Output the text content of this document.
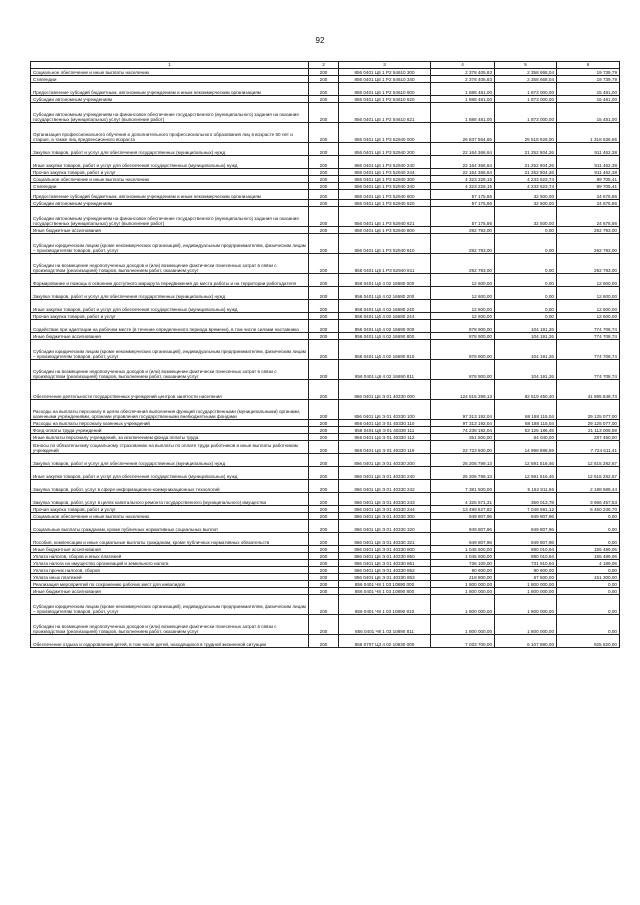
92
1	2	3	4	5	6
Социальное обеспечение и иные выплаты населению	200	856 0401 Ц6 1 Р2 54610 300	2 378 405,83	2 358 668,04	19 739,79
Стипендии	200	856 0401 Ц6 1 Р2 54610 340	2 378 405,83	2 358 668,04	19 739,79
Предоставление субсидий бюджетным, автономным учреждениям и иным некоммерческим организациям	200	856 0401 Ц6 1 Р2 54610 600	1 888 481,00	1 873 000,00	15 481,00
Субсидии автономным учреждениям	200	856 0401 Ц6 1 Р2 54610 620	1 888 481,00	1 873 000,00	15 481,00
Субсидии автономным учреждениям на финансовое обеспечение государственного (муниципального) задания на оказание государственных (муниципальных) услуг (выполнение работ)	200	856 0401 Ц6 1 Р2 54610 621	1 888 481,00	1 873 000,00	15 481,00
Организация профессионального обучения и дополнительного профессионального образования лиц в возрасте 50 лет и старше, а также лиц предпенсионного возраста	200	856 0401 Ц6 1 Р3 52940 000	26 837 564,65	25 518 928,00	1 318 636,65
Закупка товаров, работ и услуг для обеспечения государственных (муниципальных) нужд	200	856 0401 Ц6 1 Р3 52940 200	22 164 366,64	21 252 904,26	911 462,38
Иные закупки товаров, работ и услуг для обеспечения государственных (муниципальных) нужд	200	856 0401 Ц6 1 Р3 52940 240	22 164 366,64	21 252 904,26	911 462,38
Прочая закупка товаров, работ и услуг	200	856 0401 Ц6 1 Р3 52940 244	22 164 366,64	21 252 904,26	911 462,38
Социальное обеспечение и иные выплаты населению	200	856 0401 Ц6 1 Р3 52940 300	4 323 229,15	4 233 523,74	89 705,41
Стипендии	200	856 0401 Ц6 1 Р3 52940 340	4 323 229,15	4 233 523,74	89 705,41
Предоставление субсидий бюджетным, автономным учреждениям и иным некоммерческим организациям	200	856 0401 Ц6 1 Р3 52940 600	57 175,86	32 500,00	24 675,86
Субсидии автономным учреждениям	200	856 0401 Ц6 1 Р3 52940 620	57 175,86	32 500,00	24 675,86
Субсидии автономным учреждениям на финансовое обеспечение государственного (муниципального) задания на оказание государственных (муниципальных) услуг (выполнение работ)	200	856 0401 Ц6 1 Р3 52940 621	57 175,86	32 500,00	24 675,86
Иные бюджетные ассигнования	200	856 0401 Ц6 1 Р3 52940 800	292 793,00	0,00	292 793,00
Субсидии юридическим лицам (кроме некоммерческих организаций), индивидуальным предпринимателям, физическим лицам – производителям товаров, работ, услуг	200	856 0401 Ц6 1 Р3 52940 810	292 793,00	0,00	292 793,00
Субсидии на возмещение недополученных доходов и (или) возмещение фактически понесенных затрат в связи с производством (реализацией) товаров, выполнением работ, оказанием услуг	200	856 0401 Ц6 1 Р3 52940 811	292 793,00	0,00	292 793,00
Формирование и помощь в освоении доступного маршрута передвижения до места работы и на территории работодателя	200	856 0401 Ц6 4 02 16680 000	12 600,00	0,00	12 600,00
Закупка товаров, работ и услуг для обеспечения государственных (муниципальных) нужд	200	856 0401 Ц6 4 02 16680 200	12 600,00	0,00	12 600,00
Иные закупки товаров, работ и услуг для обеспечения государственных (муниципальных) нужд	200	856 0401 Ц6 4 02 16680 240	12 600,00	0,00	12 600,00
Прочая закупка товаров, работ и услуг	200	856 0401 Ц6 4 02 16680 244	12 600,00	0,00	12 600,00
Содействие при адаптации на рабочем месте (в течение определенного периода времени), в том числе силами наставника	200	856 0401 Ц6 4 02 16690 000	878 900,00	104 191,26	774 708,74
Иные бюджетные ассигнования	200	856 0401 Ц6 4 02 16690 800	878 900,00	104 191,26	774 708,74
Субсидии юридическим лицам (кроме некоммерческих организаций), индивидуальным предпринимателям, физическим лицам – производителям товаров, работ, услуг	200	856 0401 Ц6 4 02 16690 810	878 900,00	104 191,26	774 708,74
Субсидии на возмещение недополученных доходов и (или) возмещение фактически понесенных затрат в связи с производством (реализацией) товаров, выполнением работ, оказанием услуг	200	856 0401 Ц6 4 02 16690 811	878 900,00	104 191,26	774 708,74
Обеспечение деятельности государственных учреждений центров занятости населения	200	856 0401 Ц6 Э 01 40330 000	124 515 299,13	82 619 450,40	41 895 848,73
Расходы на выплаты персоналу в целях обеспечения выполнения функций государственными (муниципальными) органами, казенными учреждениями, органами управления государственными внебюджетными фондами	200	856 0401 Ц6 Э 01 40330 100	97 313 192,04	68 188 115,04	29 125 077,00
Расходы на выплаты персоналу казенных учреждений	200	856 0401 Ц6 Э 01 40330 110	97 313 192,04	68 188 115,04	29 125 077,00
Фонд оплаты труда учреждений	200	856 0401 Ц6 Э 01 40330 111	74 238 192,04	53 125 186,45	21 113 005,59
Иные выплаты персоналу учреждений, за исключением фонда оплаты труда	200	856 0401 Ц6 Э 01 40330 112	351 500,00	64 040,00	287 460,00
Взносы по обязательному социальному страхованию на выплаты по оплате труда работников и иные выплаты работникам учреждений	200	856 0401 Ц6 Э 01 40330 119	22 723 500,00	14 998 888,59	7 724 611,41
Закупка товаров, работ и услуг для обеспечения государственных (муниципальных) нужд	200	856 0401 Ц6 Э 01 40330 200	25 206 799,13	12 591 516,46	12 615 282,67
Иные закупки товаров, работ и услуг для обеспечения государственных (муниципальных) нужд	200	856 0401 Ц6 Э 01 40330 240	25 206 799,13	12 591 516,46	12 615 282,67
Закупка товаров, работ, услуг в сфере информационно-коммуникационных технологий	200	856 0401 Ц6 Э 01 40330 242	7 381 500,00	5 162 911,56	2 198 588,44
Закупка товаров, работ, услуг в целях капитального ремонта государственного (муниципального) имущества	200	856 0401 Ц6 Э 01 40330 243	4 325 671,31	359 013,78	3 966 457,53
Прочая закупка товаров, работ и услуг	200	856 0401 Ц6 Э 01 40330 244	13 499 627,82	7 049 591,12	6 450 236,70
Социальное обеспечение и иные выплаты населению	200	856 0401 Ц6 Э 01 40330 300	949 807,96	949 807,96	0,00
Социальные выплаты гражданам, кроме публичных нормативных социальных выплат	200	856 0401 Ц6 Э 01 40330 320	949 807,96	949 807,96	0,00
Пособия, компенсации и иные социальные выплаты гражданам, кроме публичных нормативных обязательств	200	856 0401 Ц6 Э 01 40330 321	949 807,96	949 807,96	0,00
Иные бюджетные ассигнования	200	856 0401 Ц6 Э 01 40330 800	1 045 500,00	890 010,94	155 489,06
Уплата налогов, сборов и иных платежей	200	856 0401 Ц6 Э 01 40330 850	1 045 500,00	890 010,94	155 489,06
Уплата налога на имущество организаций и земельного налога	200	856 0401 Ц6 Э 01 40330 851	736 100,00	731 910,94	4 189,06
Уплата прочих налогов, сборов	200	856 0401 Ц6 Э 01 40330 852	90 600,00	90 600,00	0,00
Уплата иных платежей	200	856 0401 Ц6 Э 01 40330 853	218 800,00	67 500,00	151 300,00
Реализация мероприятий по сохранению рабочих мест для инвалидов	200	856 0401 Ч8 1 03 10890 000	1 800 000,00	1 800 000,00	0,00
Иные бюджетные ассигнования	200	856 0401 Ч8 1 03 10890 800	1 800 000,00	1 800 000,00	0,00
Субсидии юридическим лицам (кроме некоммерческих организаций), индивидуальным предпринимателям, физическим лицам – производителям товаров, работ, услуг	200	856 0401 Ч8 1 03 10890 810	1 800 000,00	1 800 000,00	0,00
Субсидии на возмещение недополученных доходов и (или) возмещение фактически понесенных затрат в связи с производством (реализацией) товаров, выполнением работ, оказанием услуг	200	856 0401 Ч8 1 03 10890 811	1 800 000,00	1 800 000,00	0,00
Обеспечение отдыха и оздоровления детей, в том числе детей, находящихся в трудной жизненной ситуации	200	856 0707 Ц3 4 02 10830 000	7 033 700,00	6 107 880,00	925 820,00
